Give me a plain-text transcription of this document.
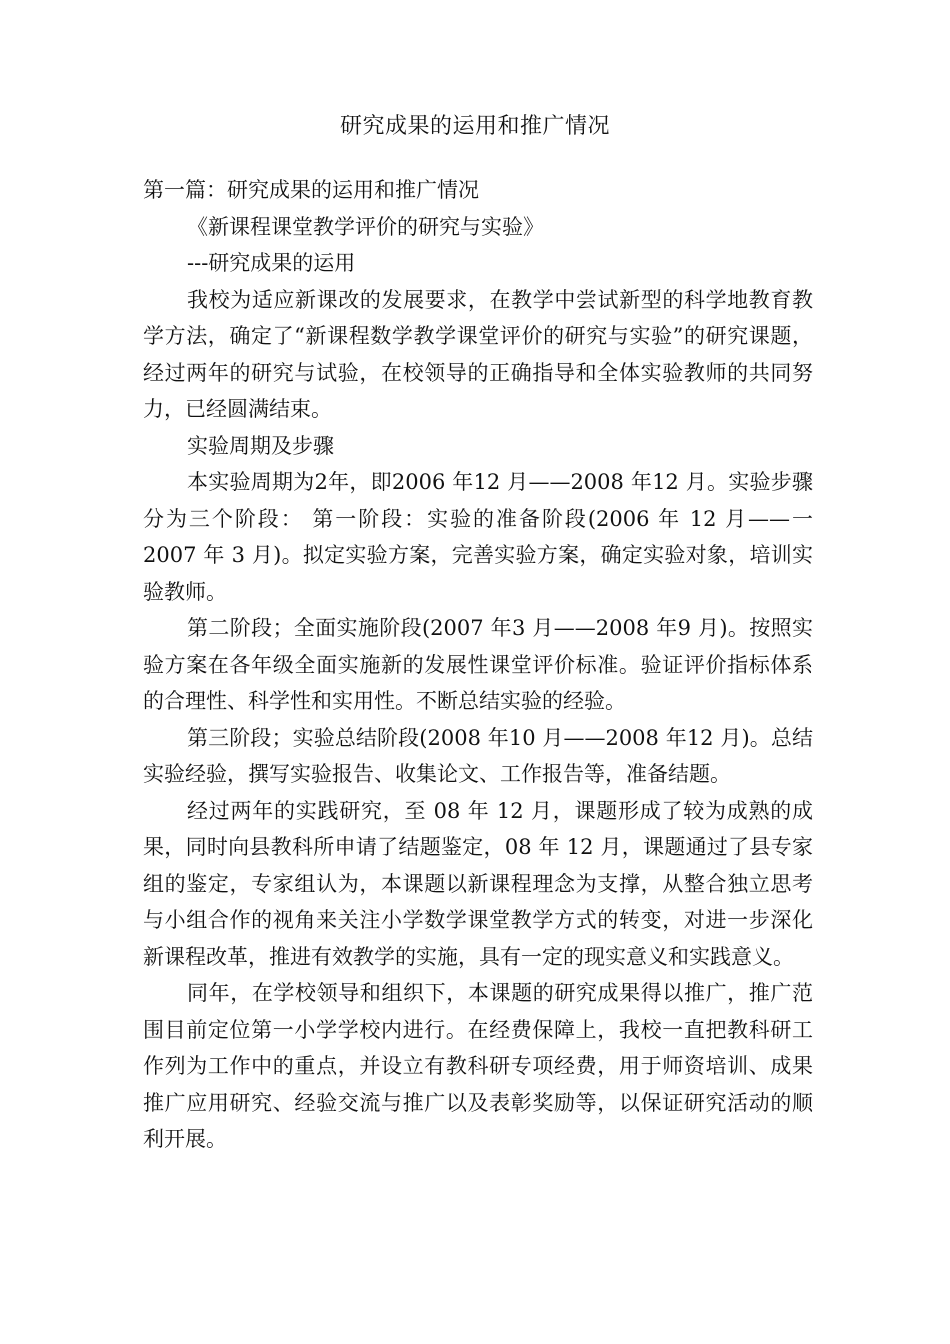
研究成果的运用和推广情况

第一篇：研究成果的运用和推广情况

《新课程课堂教学评价的研究与实验》

---研究成果的运用

我校为适应新课改的发展要求，在教学中尝试新型的科学地教育教学方法，确定了“新课程数学教学课堂评价的研究与实验”的研究课题，经过两年的研究与试验，在校领导的正确指导和全体实验教师的共同努力，已经圆满结束。

实验周期及步骤

本实验周期为2年，即2006 年12 月——2008 年12 月。实验步骤分为三个阶段： 第一阶段：实验的准备阶段(2006 年 12 月——一2007 年 3 月)。拟定实验方案，完善实验方案，确定实验对象，培训实验教师。

第二阶段；全面实施阶段(2007 年3 月——2008 年9 月)。按照实验方案在各年级全面实施新的发展性课堂评价标准。验证评价指标体系的合理性、科学性和实用性。不断总结实验的经验。

第三阶段；实验总结阶段(2008 年10 月——2008 年12 月)。总结实验经验，撰写实验报告、收集论文、工作报告等，准备结题。

经过两年的实践研究，至 08 年 12 月，课题形成了较为成熟的成果，同时向县教科所申请了结题鉴定，08 年 12 月，课题通过了县专家组的鉴定，专家组认为，本课题以新课程理念为支撑，从整合独立思考与小组合作的视角来关注小学数学课堂教学方式的转变，对进一步深化新课程改革，推进有效教学的实施，具有一定的现实意义和实践意义。

同年，在学校领导和组织下，本课题的研究成果得以推广，推广范围目前定位第一小学学校内进行。在经费保障上，我校一直把教科研工作列为工作中的重点，并设立有教科研专项经费，用于师资培训、成果推广应用研究、经验交流与推广以及表彰奖励等，以保证研究活动的顺利开展。
